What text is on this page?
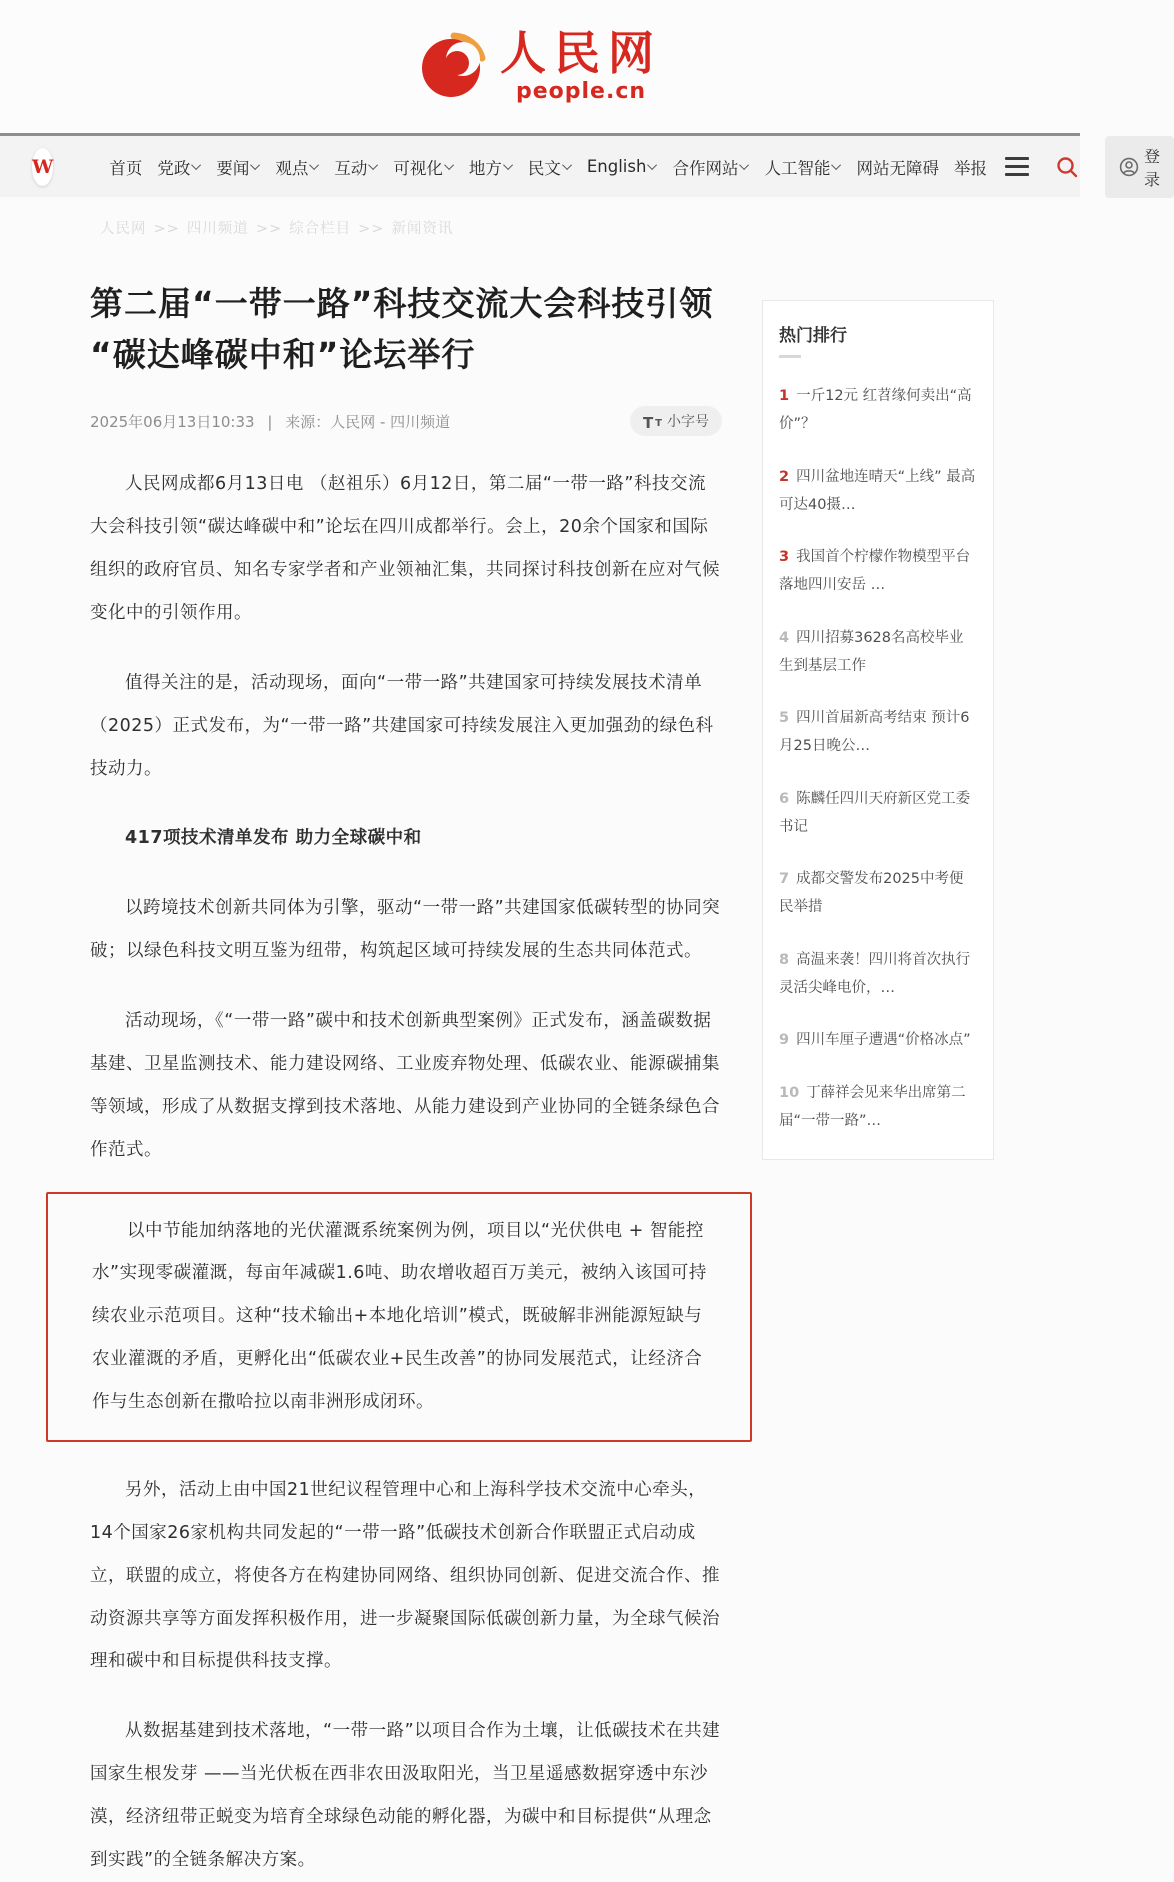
人民网
people.cn
W	首页 党政	要闻	观点	互动	可视化	地方	民文	English	合作网站	人工智能	网站无障碍 举报
登录
人民网 >> 四川频道 >> 综合栏目 >> 新闻资讯
第二届“一带一路”科技交流大会科技引领“碳达峰碳中和”论坛举行
2025年06月13日10:33 | 来源：人民网 - 四川频道	T T 小字号

人民网成都6月13日电 （赵祖乐）6月12日，第二届“一带一路”科技交流大会科技引领“碳达峰碳中和”论坛在四川成都举行。会上，20余个国家和国际组织的政府官员、知名专家学者和产业领袖汇集，共同探讨科技创新在应对气候变化中的引领作用。

值得关注的是，活动现场，面向“一带一路”共建国家可持续发展技术清单（2025）正式发布，为“一带一路”共建国家可持续发展注入更加强劲的绿色科技动力。

417项技术清单发布 助力全球碳中和

以跨境技术创新共同体为引擎，驱动“一带一路”共建国家低碳转型的协同突破；以绿色科技文明互鉴为纽带，构筑起区域可持续发展的生态共同体范式。

活动现场，《“一带一路”碳中和技术创新典型案例》正式发布，涵盖碳数据基建、卫星监测技术、能力建设网络、工业废弃物处理、低碳农业、能源碳捕集等领域，形成了从数据支撑到技术落地、从能力建设到产业协同的全链条绿色合作范式。

以中节能加纳落地的光伏灌溉系统案例为例，项目以“光伏供电 + 智能控水”实现零碳灌溉，每亩年减碳1.6吨、助农增收超百万美元，被纳入该国可持续农业示范项目。这种“技术输出+本地化培训”模式，既破解非洲能源短缺与农业灌溉的矛盾，更孵化出“低碳农业+民生改善”的协同发展范式，让经济合作与生态创新在撒哈拉以南非洲形成闭环。

另外，活动上由中国21世纪议程管理中心和上海科学技术交流中心牵头，14个国家26家机构共同发起的“一带一路”低碳技术创新合作联盟正式启动成立，联盟的成立，将使各方在构建协同网络、组织协同创新、促进交流合作、推动资源共享等方面发挥积极作用，进一步凝聚国际低碳创新力量，为全球气候治理和碳中和目标提供科技支撑。

从数据基建到技术落地，“一带一路”以项目合作为土壤，让低碳技术在共建国家生根发芽 ——当光伏板在西非农田汲取阳光，当卫星遥感数据穿透中东沙漠，经济纽带正蜕变为培育全球绿色动能的孵化器，为碳中和目标提供“从理念到实践”的全链条解决方案。

热门排行
1 一斤12元 红苕缘何卖出“高价”？
2 四川盆地连晴天“上线” 最高可达40摄…
3 我国首个柠檬作物模型平台落地四川安岳 …
4 四川招募3628名高校毕业生到基层工作
5 四川首届新高考结束 预计6月25日晚公…
6 陈麟任四川天府新区党工委书记
7 成都交警发布2025中考便民举措
8 高温来袭！四川将首次执行灵活尖峰电价，…
9 四川车厘子遭遇“价格冰点”
10 丁薛祥会见来华出席第二届“一带一路”…
